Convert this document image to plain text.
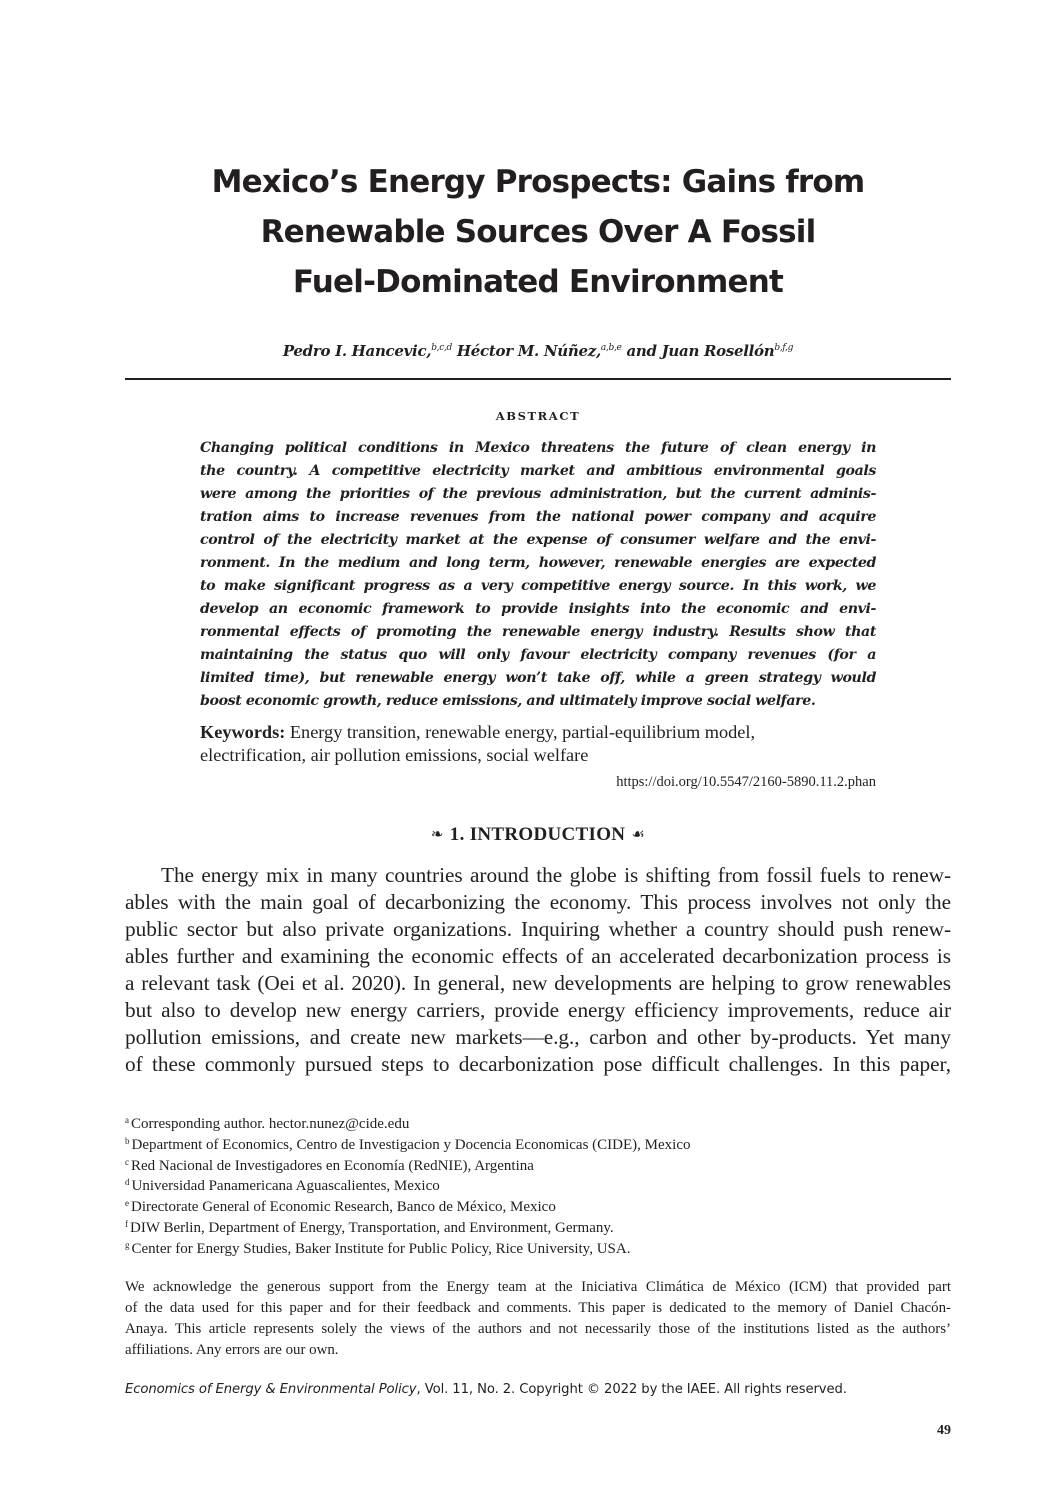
Mexico’s Energy Prospects: Gains from
Renewable Sources Over A Fossil
Fuel-Dominated Environment
Pedro I. Hancevic,$^{b,c,d}$ Héctor M. Núñez,$^{a,b,e}$ and Juan Rosellón$^{b,f,g}$
ABSTRACT
Changing political conditions in Mexico threatens the future of clean energy in
the country. A competitive electricity market and ambitious environmental goals
were among the priorities of the previous administration, but the current adminis-
tration aims to increase revenues from the national power company and acquire
control of the electricity market at the expense of consumer welfare and the envi-
ronment. In the medium and long term, however, renewable energies are expected
to make significant progress as a very competitive energy source. In this work, we
develop an economic framework to provide insights into the economic and envi-
ronmental effects of promoting the renewable energy industry. Results show that
maintaining the status quo will only favour electricity company revenues (for a
limited time), but renewable energy won’t take off, while a green strategy would
boost economic growth, reduce emissions, and ultimately improve social welfare.
Keywords: Energy transition, renewable energy, partial-equilibrium model,
electrification, air pollution emissions, social welfare
https://doi.org/10.5547/2160-5890.11.2.phan
❧ 1. INTRODUCTION ☙
The energy mix in many countries around the globe is shifting from fossil fuels to renew-
ables with the main goal of decarbonizing the economy. This process involves not only the
public sector but also private organizations. Inquiring whether a country should push renew-
ables further and examining the economic effects of an accelerated decarbonization process is
a relevant task (Oei et al. 2020). In general, new developments are helping to grow renewables
but also to develop new energy carriers, provide energy efficiency improvements, reduce air
pollution emissions, and create new markets—e.g., carbon and other by-products. Yet many
of these commonly pursued steps to decarbonization pose difficult challenges. In this paper,
$^a$ Corresponding author. hector.nunez@cide.edu
$^b$ Department of Economics, Centro de Investigacion y Docencia Economicas (CIDE), Mexico
$^c$ Red Nacional de Investigadores en Economía (RedNIE), Argentina
$^d$ Universidad Panamericana Aguascalientes, Mexico
$^e$ Directorate General of Economic Research, Banco de México, Mexico
$^f$ DIW Berlin, Department of Energy, Transportation, and Environment, Germany.
$^g$ Center for Energy Studies, Baker Institute for Public Policy, Rice University, USA.
We acknowledge the generous support from the Energy team at the Iniciativa Climática de México (ICM) that provided part
of the data used for this paper and for their feedback and comments. This paper is dedicated to the memory of Daniel Chacón-
Anaya. This article represents solely the views of the authors and not necessarily those of the institutions listed as the authors’
affiliations. Any errors are our own.
Economics of Energy & Environmental Policy, Vol. 11, No. 2. Copyright © 2022 by the IAEE. All rights reserved.
49
